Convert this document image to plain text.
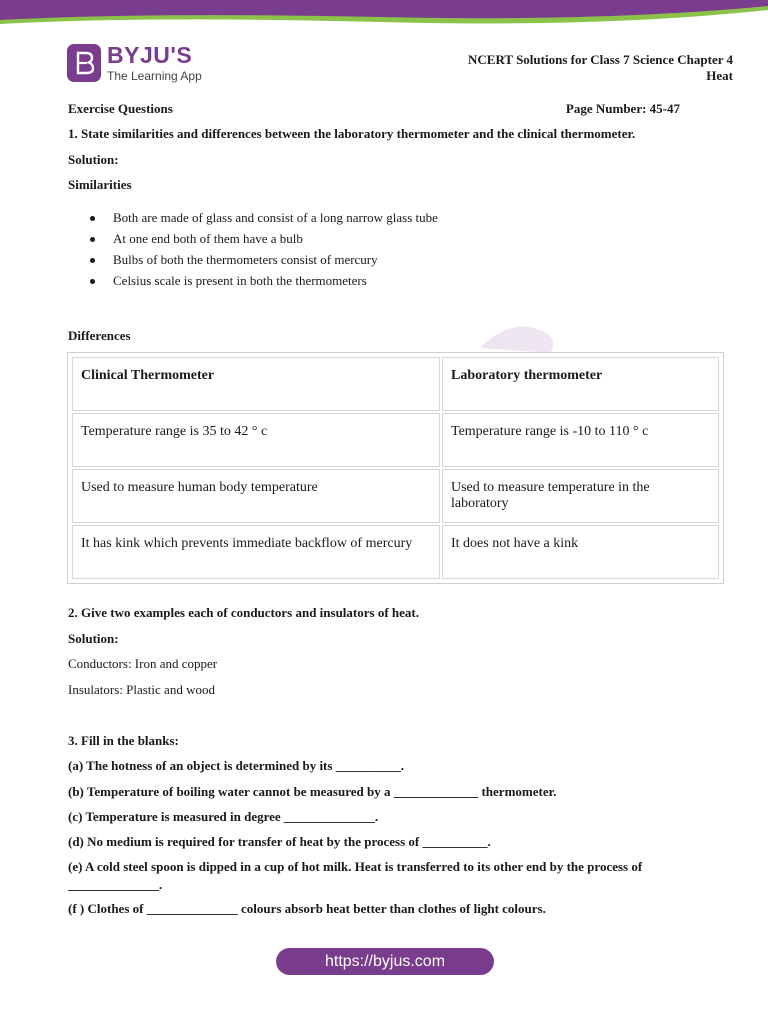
BYJU'S
The Learning App
NCERT Solutions for Class 7 Science Chapter 4
Heat
Exercise Questions	Page Number: 45-47
1. State similarities and differences between the laboratory thermometer and the clinical thermometer.
Solution:
Similarities
Both are made of glass and consist of a long narrow glass tube
At one end both of them have a bulb
Bulbs of both the thermometers consist of mercury
Celsius scale is present in both the thermometers
Differences
Clinical Thermometer	Laboratory thermometer
Temperature range is 35 to 42 ° c	Temperature range is -10 to 110 ° c
Used to measure human body temperature	Used to measure temperature in the laboratory
It has kink which prevents immediate backflow of mercury	It does not have a kink
2. Give two examples each of conductors and insulators of heat.
Solution:
Conductors: Iron and copper
Insulators: Plastic and wood
3. Fill in the blanks:
(a) The hotness of an object is determined by its __________.
(b) Temperature of boiling water cannot be measured by a _____________ thermometer.
(c) Temperature is measured in degree ______________.
(d) No medium is required for transfer of heat by the process of __________.
(e) A cold steel spoon is dipped in a cup of hot milk. Heat is transferred to its other end by the process of
______________.
(f ) Clothes of ______________ colours absorb heat better than clothes of light colours.
https://byjus.com
